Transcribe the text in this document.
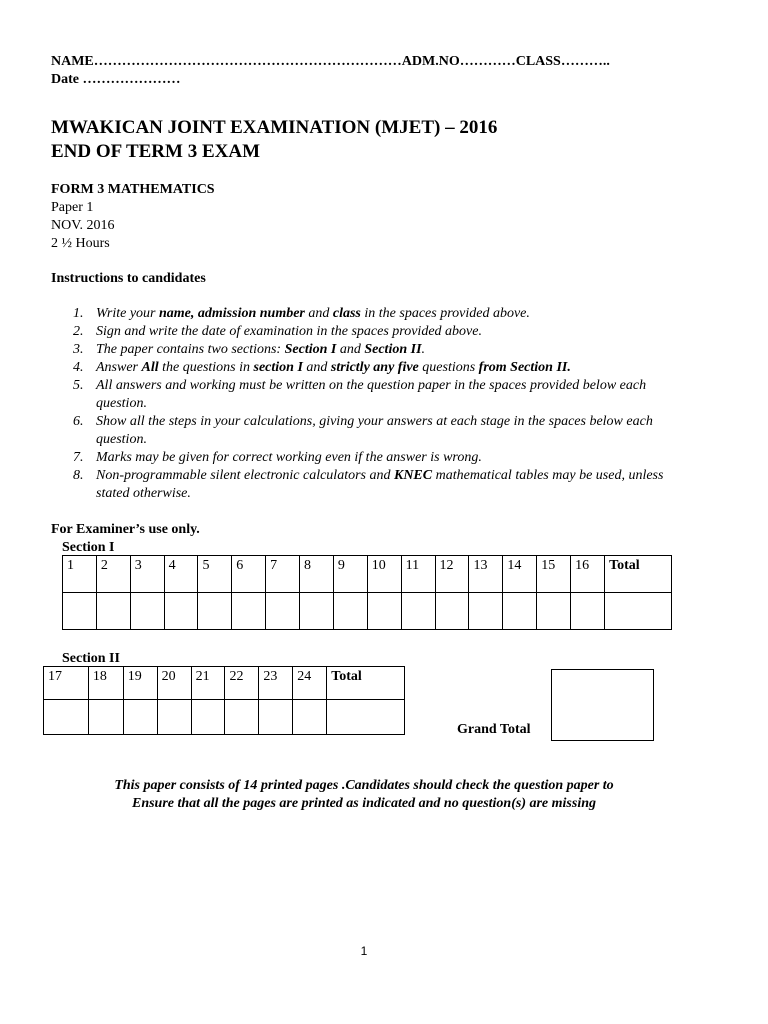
NAME…………………………………………………………ADM.NO…………CLASS………..
Date …………………
MWAKICAN JOINT EXAMINATION (MJET) – 2016
END OF TERM 3 EXAM
FORM 3 MATHEMATICS
Paper 1
NOV. 2016
2 ½ Hours
Instructions to candidates
1. Write your name, admission number and class in the spaces provided above.
2. Sign and write the date of examination in the spaces provided above.
3. The paper contains two sections: Section I and Section II.
4. Answer All the questions in section I and strictly any five questions from Section II.
5. All answers and working must be written on the question paper in the spaces provided below each question.
6. Show all the steps in your calculations, giving your answers at each stage in the spaces below each question.
7. Marks may be given for correct working even if the answer is wrong.
8. Non-programmable silent electronic calculators and KNEC mathematical tables may be used, unless stated otherwise.
For Examiner’s use only.
Section I
1	2	3	4	5	6	7	8	9	10	11	12	13	14	15	16	Total

Section II
17	18	19	20	21	22	23	24	Total

Grand Total
This paper consists of 14 printed pages .Candidates should check the question paper to
Ensure that all the pages are printed as indicated and no question(s) are missing
1
